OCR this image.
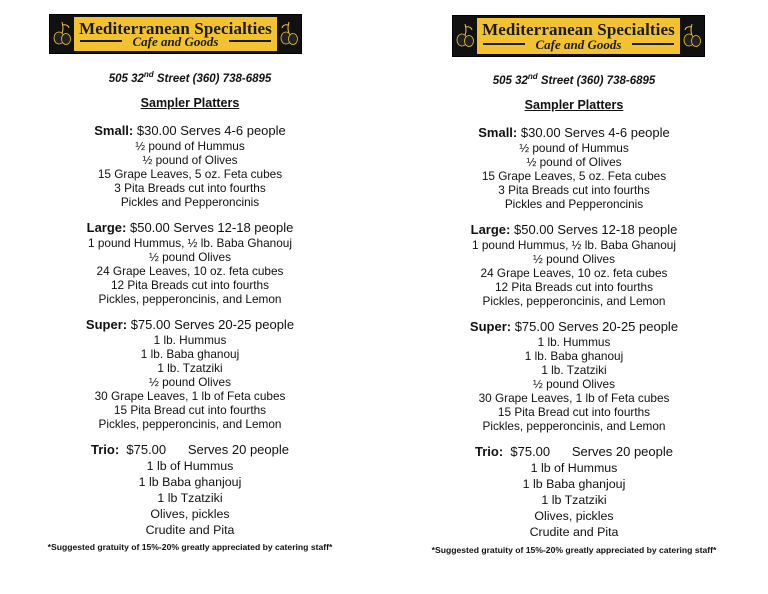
Mediterranean Specialties
Cafe and Goods
505 32nd Street (360) 738-6895
Sampler Platters
Small: $30.00 Serves 4-6 people
½ pound of Hummus
½ pound of Olives
15 Grape Leaves, 5 oz. Feta cubes
3 Pita Breads cut into fourths
Pickles and Pepperoncinis
Large: $50.00 Serves 12-18 people
1 pound Hummus, ½ lb. Baba Ghanouj
½ pound Olives
24 Grape Leaves, 10 oz. feta cubes
12 Pita Breads cut into fourths
Pickles, pepperoncinis, and Lemon
Super: $75.00 Serves 20-25 people
1 lb. Hummus
1 lb. Baba ghanouj
1 lb. Tzatziki
½ pound Olives
30 Grape Leaves, 1 lb of Feta cubes
15 Pita Bread cut into fourths
Pickles, pepperoncinis, and Lemon
Trio:  $75.00      Serves 20 people
1 lb of Hummus
1 lb Baba ghanjouj
1 lb Tzatziki
Olives, pickles
Crudite and Pita
*Suggested gratuity of 15%-20% greatly appreciated by catering staff*
Mediterranean Specialties
Cafe and Goods
505 32nd Street (360) 738-6895
Sampler Platters
Small: $30.00 Serves 4-6 people
½ pound of Hummus
½ pound of Olives
15 Grape Leaves, 5 oz. Feta cubes
3 Pita Breads cut into fourths
Pickles and Pepperoncinis
Large: $50.00 Serves 12-18 people
1 pound Hummus, ½ lb. Baba Ghanouj
½ pound Olives
24 Grape Leaves, 10 oz. feta cubes
12 Pita Breads cut into fourths
Pickles, pepperoncinis, and Lemon
Super: $75.00 Serves 20-25 people
1 lb. Hummus
1 lb. Baba ghanouj
1 lb. Tzatziki
½ pound Olives
30 Grape Leaves, 1 lb of Feta cubes
15 Pita Bread cut into fourths
Pickles, pepperoncinis, and Lemon
Trio:  $75.00      Serves 20 people
1 lb of Hummus
1 lb Baba ghanjouj
1 lb Tzatziki
Olives, pickles
Crudite and Pita
*Suggested gratuity of 15%-20% greatly appreciated by catering staff*
